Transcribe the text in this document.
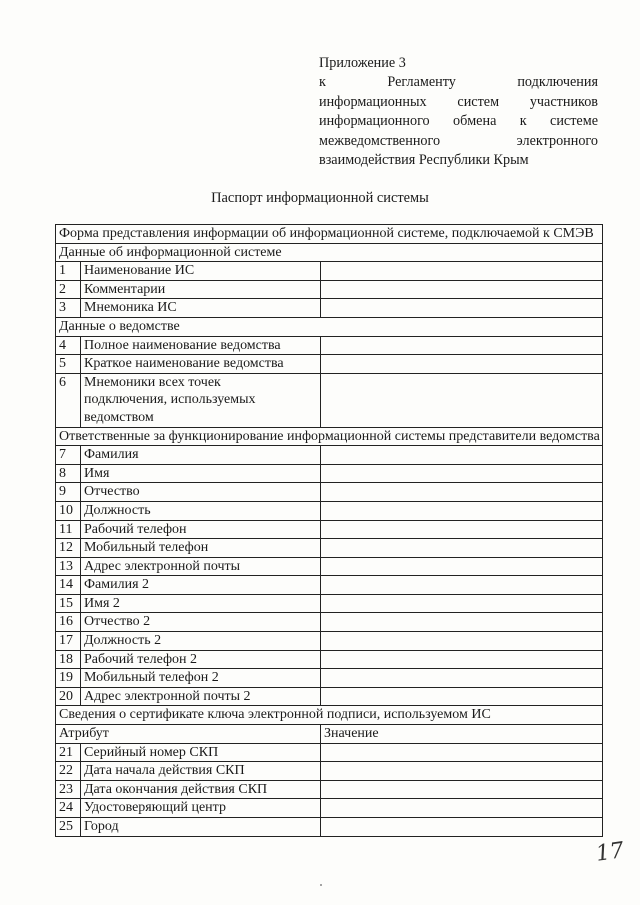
Приложение 3
к Регламенту подключения
информационных систем участников
информационного обмена к системе
межведомственного электронного
взаимодействия Республики Крым
Паспорт информационной системы
Форма представления информации об информационной системе, подключаемой к СМЭВ		
Данные об информационной системе		
1	Наименование ИС	
2	Комментарии	
3	Мнемоника ИС	
Данные о ведомстве		
4	Полное наименование ведомства	
5	Краткое наименование ведомства	
6	Мнемоники всех точек подключения, используемых ведомством	
Ответственные за функционирование информационной системы представители ведомства		
7	Фамилия	
8	Имя	
9	Отчество	
10	Должность	
11	Рабочий телефон	
12	Мобильный телефон	
13	Адрес электронной почты	
14	Фамилия 2	
15	Имя 2	
16	Отчество 2	
17	Должность 2	
18	Рабочий телефон 2	
19	Мобильный телефон 2	
20	Адрес электронной почты 2	
Сведения о сертификате ключа электронной подписи, используемом ИС		
Атрибут		Значение
21	Серийный номер СКП	
22	Дата начала действия СКП	
23	Дата окончания действия СКП	
24	Удостоверяющий центр	
25	Город	
17
